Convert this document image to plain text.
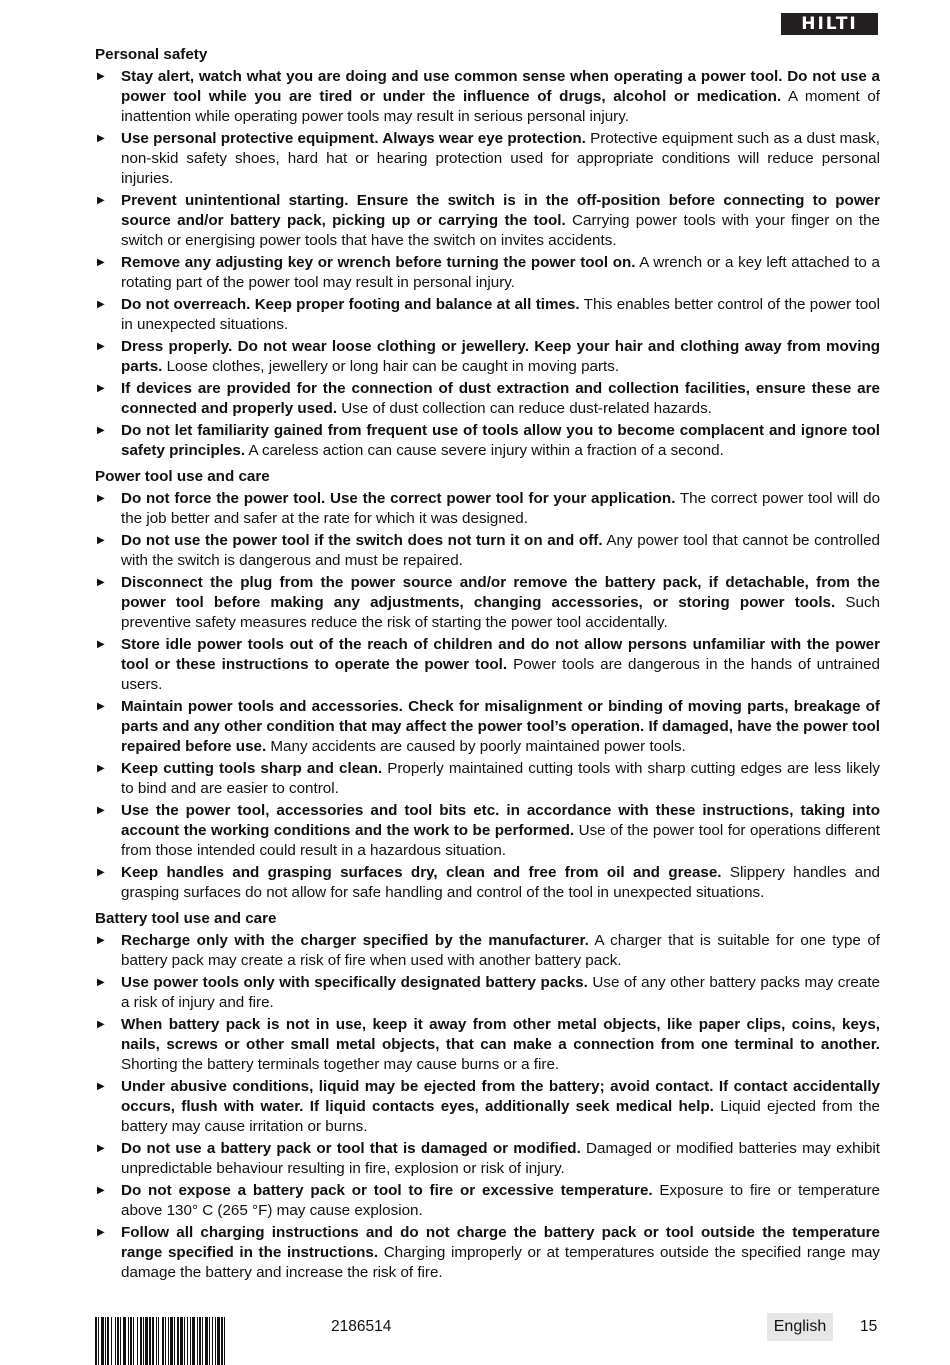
HILTI
Personal safety
▶ Stay alert, watch what you are doing and use common sense when operating a power tool. Do not use a power tool while you are tired or under the influence of drugs, alcohol or medication. A moment of inattention while operating power tools may result in serious personal injury.
▶ Use personal protective equipment. Always wear eye protection. Protective equipment such as a dust mask, non-skid safety shoes, hard hat or hearing protection used for appropriate conditions will reduce personal injuries.
▶ Prevent unintentional starting. Ensure the switch is in the off-position before connecting to power source and/or battery pack, picking up or carrying the tool. Carrying power tools with your finger on the switch or energising power tools that have the switch on invites accidents.
▶ Remove any adjusting key or wrench before turning the power tool on. A wrench or a key left attached to a rotating part of the power tool may result in personal injury.
▶ Do not overreach. Keep proper footing and balance at all times. This enables better control of the power tool in unexpected situations.
▶ Dress properly. Do not wear loose clothing or jewellery. Keep your hair and clothing away from moving parts. Loose clothes, jewellery or long hair can be caught in moving parts.
▶ If devices are provided for the connection of dust extraction and collection facilities, ensure these are connected and properly used. Use of dust collection can reduce dust-related hazards.
▶ Do not let familiarity gained from frequent use of tools allow you to become complacent and ignore tool safety principles. A careless action can cause severe injury within a fraction of a second.
Power tool use and care
▶ Do not force the power tool. Use the correct power tool for your application. The correct power tool will do the job better and safer at the rate for which it was designed.
▶ Do not use the power tool if the switch does not turn it on and off. Any power tool that cannot be controlled with the switch is dangerous and must be repaired.
▶ Disconnect the plug from the power source and/or remove the battery pack, if detachable, from the power tool before making any adjustments, changing accessories, or storing power tools. Such preventive safety measures reduce the risk of starting the power tool accidentally.
▶ Store idle power tools out of the reach of children and do not allow persons unfamiliar with the power tool or these instructions to operate the power tool. Power tools are dangerous in the hands of untrained users.
▶ Maintain power tools and accessories. Check for misalignment or binding of moving parts, breakage of parts and any other condition that may affect the power tool’s operation. If damaged, have the power tool repaired before use. Many accidents are caused by poorly maintained power tools.
▶ Keep cutting tools sharp and clean. Properly maintained cutting tools with sharp cutting edges are less likely to bind and are easier to control.
▶ Use the power tool, accessories and tool bits etc. in accordance with these instructions, taking into account the working conditions and the work to be performed. Use of the power tool for operations different from those intended could result in a hazardous situation.
▶ Keep handles and grasping surfaces dry, clean and free from oil and grease. Slippery handles and grasping surfaces do not allow for safe handling and control of the tool in unexpected situations.
Battery tool use and care
▶ Recharge only with the charger specified by the manufacturer. A charger that is suitable for one type of battery pack may create a risk of fire when used with another battery pack.
▶ Use power tools only with specifically designated battery packs. Use of any other battery packs may create a risk of injury and fire.
▶ When battery pack is not in use, keep it away from other metal objects, like paper clips, coins, keys, nails, screws or other small metal objects, that can make a connection from one terminal to another. Shorting the battery terminals together may cause burns or a fire.
▶ Under abusive conditions, liquid may be ejected from the battery; avoid contact. If contact accidentally occurs, flush with water. If liquid contacts eyes, additionally seek medical help. Liquid ejected from the battery may cause irritation or burns.
▶ Do not use a battery pack or tool that is damaged or modified. Damaged or modified batteries may exhibit unpredictable behaviour resulting in fire, explosion or risk of injury.
▶ Do not expose a battery pack or tool to fire or excessive temperature. Exposure to fire or temperature above 130° C (265 °F) may cause explosion.
▶ Follow all charging instructions and do not charge the battery pack or tool outside the temperature range specified in the instructions. Charging improperly or at temperatures outside the specified range may damage the battery and increase the risk of fire.
2186514	English	15
